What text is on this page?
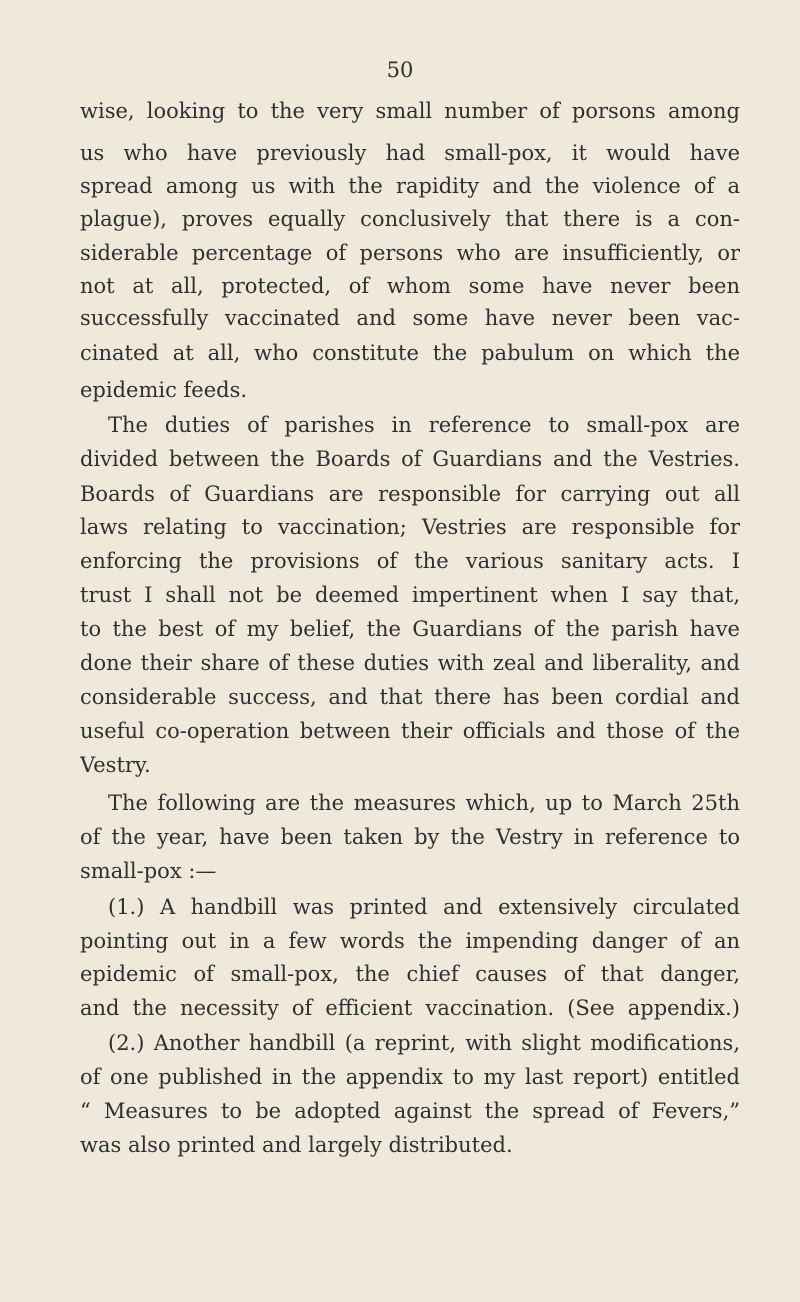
50
wise, looking to the very small number of porsons among
us who have previously had small-pox, it would have
spread among us with the rapidity and the violence of a
plague), proves equally conclusively that there is a con-
siderable percentage of persons who are insufficiently, or
not at all, protected, of whom some have never been
successfully vaccinated and some have never been vac-
cinated at all, who constitute the pabulum on which the
epidemic feeds.
The duties of parishes in reference to small-pox are
divided between the Boards of Guardians and the Vestries.
Boards of Guardians are responsible for carrying out all
laws relating to vaccination; Vestries are responsible for
enforcing the provisions of the various sanitary acts. I
trust I shall not be deemed impertinent when I say that,
to the best of my belief, the Guardians of the parish have
done their share of these duties with zeal and liberality, and
considerable success, and that there has been cordial and
useful co-operation between their officials and those of the
Vestry.
The following are the measures which, up to March 25th
of the year, have been taken by the Vestry in reference to
small-pox :—
(1.) A handbill was printed and extensively circulated
pointing out in a few words the impending danger of an
epidemic of small-pox, the chief causes of that danger,
and the necessity of efficient vaccination. (See appendix.)
(2.) Another handbill (a reprint, with slight modifications,
of one published in the appendix to my last report) entitled
“ Measures to be adopted against the spread of Fevers,”
was also printed and largely distributed.
